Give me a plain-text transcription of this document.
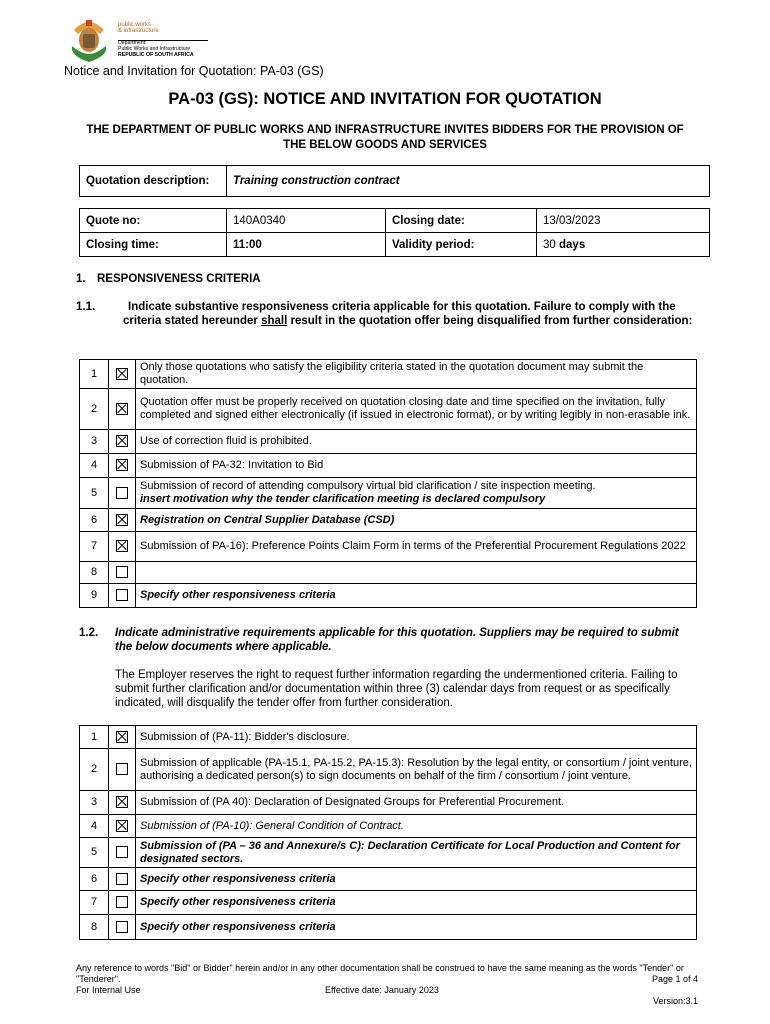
public works
& infrastructure
Department:
Public Works and Infrastructure
REPUBLIC OF SOUTH AFRICA
Notice and Invitation for Quotation: PA-03 (GS)
PA-03 (GS): NOTICE AND INVITATION FOR QUOTATION
THE DEPARTMENT OF PUBLIC WORKS AND INFRASTRUCTURE INVITES BIDDERS FOR THE PROVISION OF THE BELOW GOODS AND SERVICES
Quotation description:	Training construction contract
Quote no:	140A0340	Closing date:	13/03/2023
Closing time:	11:00	Validity period:	30 days
1. RESPONSIVENESS CRITERIA
1.1.	Indicate substantive responsiveness criteria applicable for this quotation. Failure to comply with the criteria stated hereunder shall result in the quotation offer being disqualified from further consideration:
1		Only those quotations who satisfy the eligibility criteria stated in the quotation document may submit the quotation.
2		Quotation offer must be properly received on quotation closing date and time specified on the invitation, fully completed and signed either electronically (if issued in electronic format), or by writing legibly in non-erasable ink.
3		Use of correction fluid is prohibited.
4		Submission of PA-32: Invitation to Bid
5		Submission of record of attending compulsory virtual bid clarification / site inspection meeting.
insert motivation why the tender clarification meeting is declared compulsory

6		Registration on Central Supplier Database (CSD)
7		Submission of PA-16): Preference Points Claim Form in terms of the Preferential Procurement Regulations 2022
8		
9		Specify other responsiveness criteria
1.2. Indicate administrative requirements applicable for this quotation. Suppliers may be required to submit the below documents where applicable.
The Employer reserves the right to request further information regarding the undermentioned criteria. Failing to submit further clarification and/or documentation within three (3) calendar days from request or as specifically indicated, will disqualify the tender offer from further consideration.
1		Submission of (PA-11): Bidder's disclosure.
2		Submission of applicable (PA-15.1, PA-15.2, PA-15.3): Resolution by the legal entity, or consortium / joint venture, authorising a dedicated person(s) to sign documents on behalf of the firm / consortium / joint venture.
3		Submission of (PA 40): Declaration of Designated Groups for Preferential Procurement.
4		Submission of (PA-10): General Condition of Contract.
5		Submission of (PA – 36 and Annexure/s C): Declaration Certificate for Local Production and Content for designated sectors.
6		Specify other responsiveness criteria
7		Specify other responsiveness criteria
8		Specify other responsiveness criteria
Any reference to words "Bid" or Bidder" herein and/or in any other documentation shall be construed to have the same meaning as the words "Tender" or "Tenderer".	Page 1 of 4
For Internal Use	Effective date: January 2023
Version:3.1
